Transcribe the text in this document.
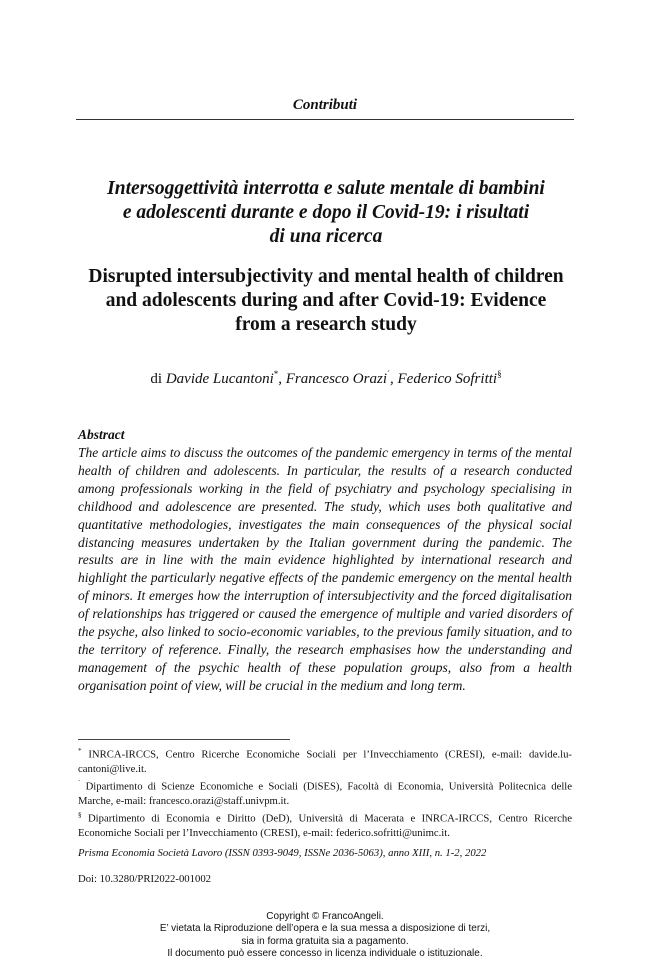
Contributi
Intersoggettività interrotta e salute mentale di bambini
e adolescenti durante e dopo il Covid-19: i risultati
di una ricerca
Disrupted intersubjectivity and mental health of children
and adolescents during and after Covid-19: Evidence
from a research study
di Davide Lucantoni*, Francesco Orazi´, Federico Sofritti§
Abstract
The article aims to discuss the outcomes of the pandemic emergency in terms of the mental health of children and adolescents. In particular, the results of a research conducted among professionals working in the field of psychiatry and psychology specialising in childhood and adolescence are presented. The study, which uses both qualitative and quantitative methodologies, investigates the main consequences of the physical social distancing measures undertaken by the Italian government during the pandemic. The results are in line with the main evidence highlighted by international research and highlight the particularly negative effects of the pandemic emergency on the mental health of minors. It emerges how the interruption of intersubjectivity and the forced digitalisation of relationships has triggered or caused the emergence of multiple and varied disorders of the psyche, also linked to socio-economic variables, to the previous family situation, and to the territory of reference. Finally, the research emphasises how the understanding and management of the psychic health of these population groups, also from a health organisation point of view, will be crucial in the medium and long term.

* INRCA-IRCCS, Centro Ricerche Economiche Sociali per l’Invecchiamento (CRESI), e-mail: davide.lu-cantoni@live.it.

´ Dipartimento di Scienze Economiche e Sociali (DiSES), Facoltà di Economia, Università Politecnica delle Marche, e-mail: francesco.orazi@staff.univpm.it.

§ Dipartimento di Economia e Diritto (DeD), Università di Macerata e INRCA-IRCCS, Centro Ricerche Economiche Sociali per l’Invecchiamento (CRESI), e-mail: federico.sofritti@unimc.it.

Prisma Economia Società Lavoro (ISSN 0393-9049, ISSNe 2036-5063), anno XIII, n. 1-2, 2022
Doi: 10.3280/PRI2022-001002
Copyright © FrancoAngeli.
E’ vietata la Riproduzione dell’opera e la sua messa a disposizione di terzi,
sia in forma gratuita sia a pagamento.
Il documento può essere concesso in licenza individuale o istituzionale.
